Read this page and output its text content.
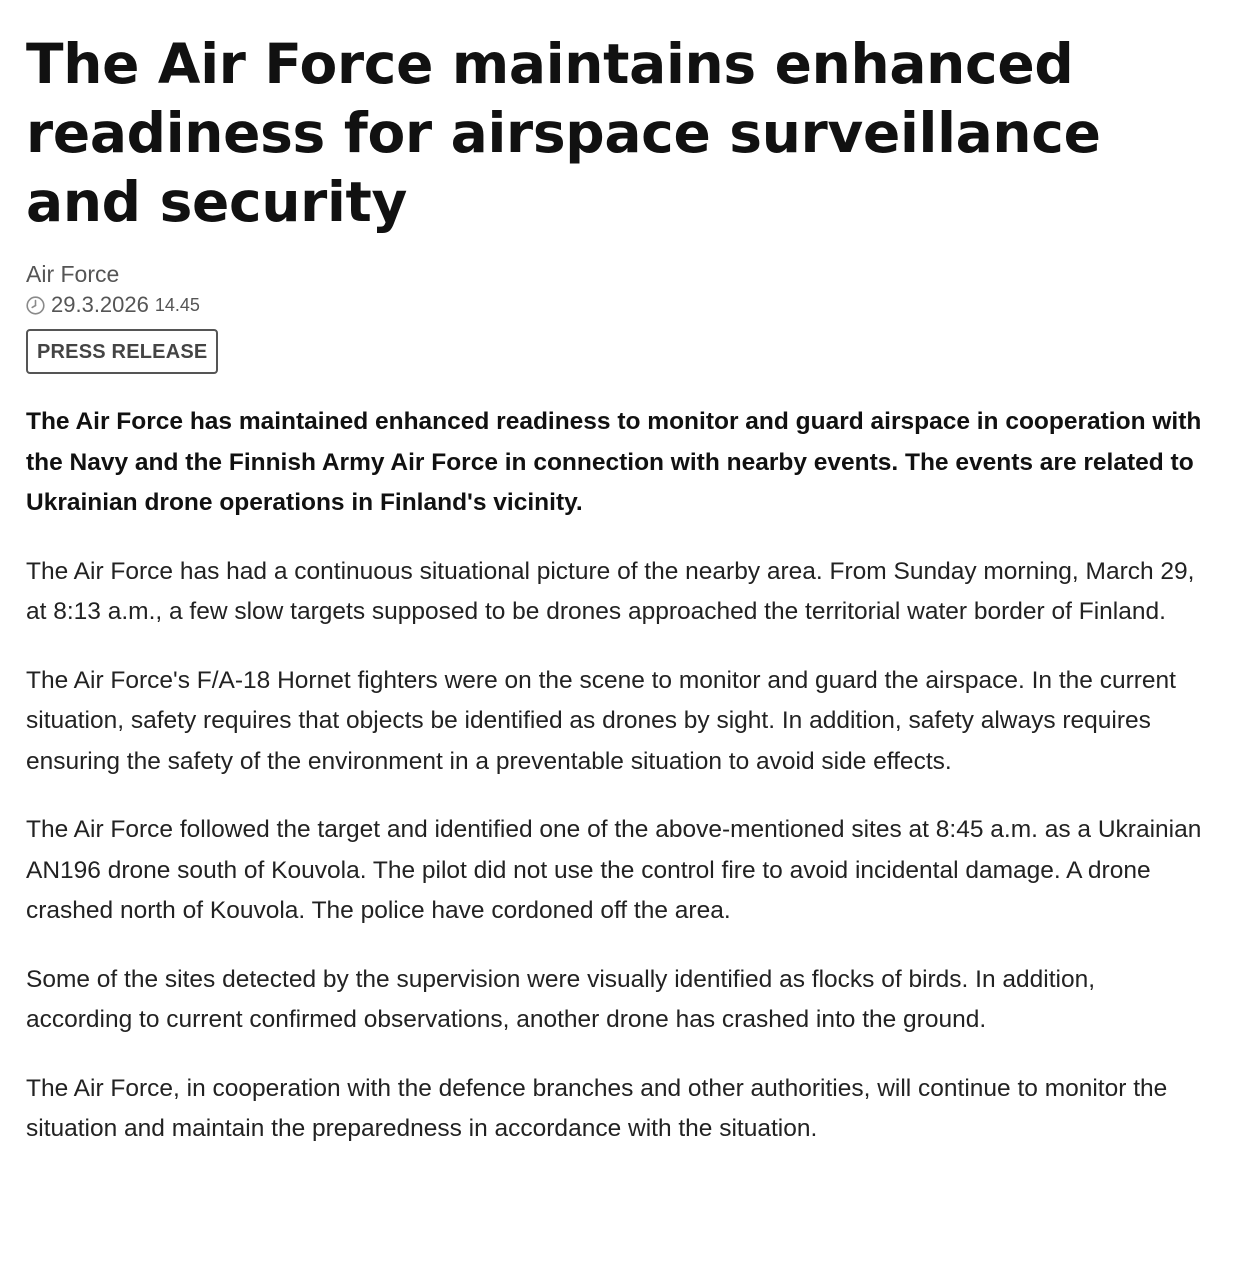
The Air Force maintains enhanced readiness for airspace surveillance and security
Air Force
29.3.2026 14.45
PRESS RELEASE

The Air Force has maintained enhanced readiness to monitor and guard airspace in cooperation with the Navy and the Finnish Army Air Force in connection with nearby events. The events are related to Ukrainian drone operations in Finland's vicinity.

The Air Force has had a continuous situational picture of the nearby area. From Sunday morning, March 29, at 8:13 a.m., a few slow targets supposed to be drones approached the territorial water border of Finland.

The Air Force's F/A-18 Hornet fighters were on the scene to monitor and guard the airspace. In the current situation, safety requires that objects be identified as drones by sight. In addition, safety always requires ensuring the safety of the environment in a preventable situation to avoid side effects.

The Air Force followed the target and identified one of the above-mentioned sites at 8:45 a.m. as a Ukrainian AN196 drone south of Kouvola. The pilot did not use the control fire to avoid incidental damage. A drone crashed north of Kouvola. The police have cordoned off the area.

Some of the sites detected by the supervision were visually identified as flocks of birds. In addition, according to current confirmed observations, another drone has crashed into the ground.

The Air Force, in cooperation with the defence branches and other authorities, will continue to monitor the situation and maintain the preparedness in accordance with the situation.
